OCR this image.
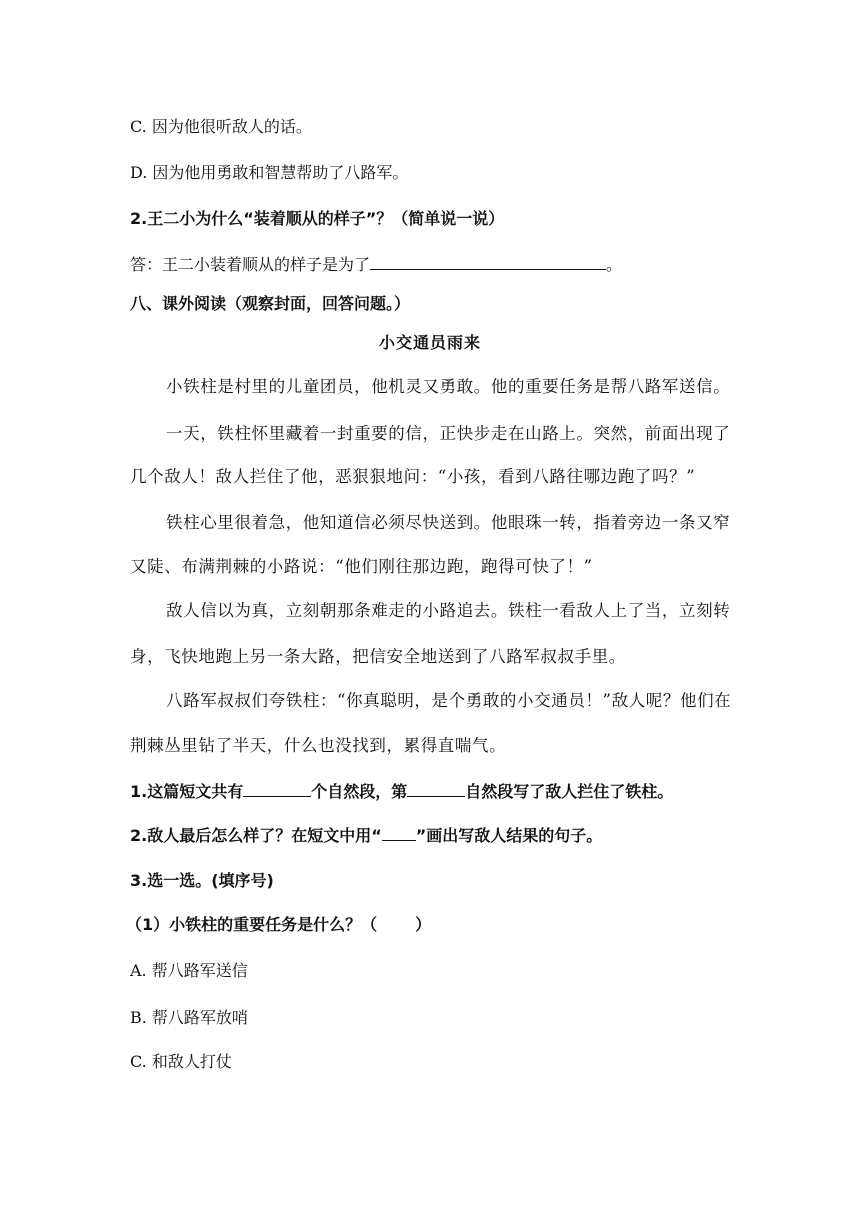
C. 因为他很听敌人的话。
D. 因为他用勇敢和智慧帮助了八路军。
2.王二小为什么“装着顺从的样子”？（简单说一说）
答：王二小装着顺从的样子是为了	。
八、课外阅读（观察封面，回答问题。）
小交通员雨来
小铁柱是村里的儿童团员，他机灵又勇敢。他的重要任务是帮八路军送信。
一天，铁柱怀里藏着一封重要的信，正快步走在山路上。突然，前面出现了
几个敌人！敌人拦住了他，恶狠狠地问：“小孩，看到八路往哪边跑了吗？”
铁柱心里很着急，他知道信必须尽快送到。他眼珠一转，指着旁边一条又窄
又陡、布满荆棘的小路说：“他们刚往那边跑，跑得可快了！”
敌人信以为真，立刻朝那条难走的小路追去。铁柱一看敌人上了当，立刻转
身，飞快地跑上另一条大路，把信安全地送到了八路军叔叔手里。
八路军叔叔们夸铁柱：“你真聪明，是个勇敢的小交通员！”敌人呢？他们在
荆棘丛里钻了半天，什么也没找到，累得直喘气。
1.这篇短文共有	个自然段，第	自然段写了敌人拦住了铁柱。
2.敌人最后怎么样了？在短文中用“ ”画出写敌人结果的句子。
3.选一选。(填序号)
（1）小铁柱的重要任务是什么？（ ）
A. 帮八路军送信
B. 帮八路军放哨
C. 和敌人打仗
